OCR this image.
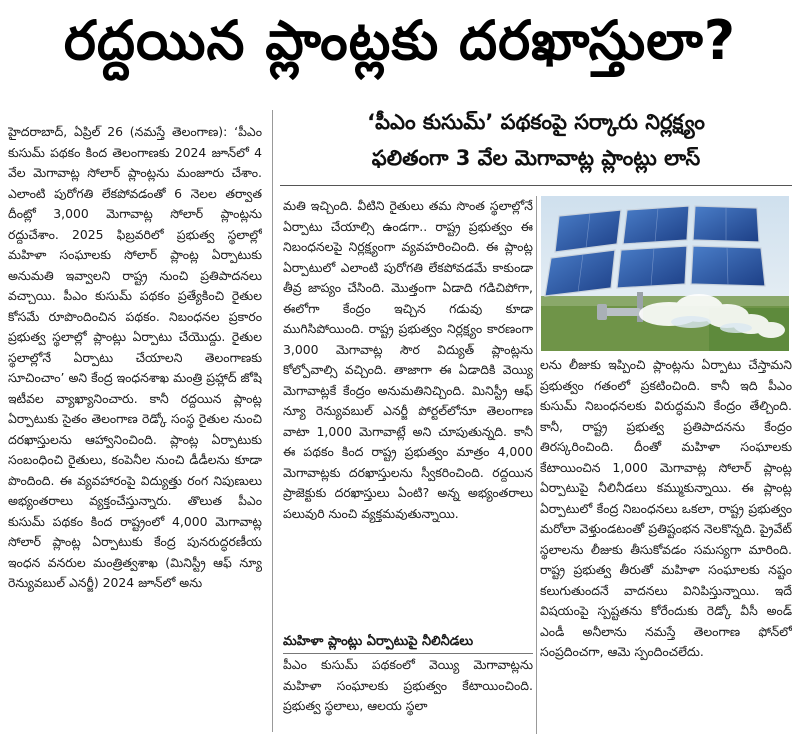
రద్దయిన ప్లాంట్లకు దరఖాస్తులా?
‘పీఎం కుసుమ్’ పథకంపై సర్కారు నిర్లక్ష్యం
ఫలితంగా 3 వేల మెగావాట్ల ప్లాంట్లు లాస్

హైదరాబాద్, ఏప్రిల్ 26 (నమస్తే తెలంగాణ): ‘పీఎం కుసుమ్ పథకం కింద తెలంగాణకు 2024 జూన్‌లో 4 వేల మెగావాట్ల సోలార్ ప్లాంట్లను మంజూరు చేశాం. ఎలాంటి పురోగతి లేకపోవడంతో 6 నెలల తర్వాత దీంట్లో 3,000 మెగావాట్ల సోలార్ ప్లాంట్లను రద్దుచేశాం. 2025 ఫిబ్రవరిలో ప్రభుత్వ స్థలాల్లో మహిళా సంఘాలకు సోలార్ ప్లాంట్ల ఏర్పాటుకు అనుమతి ఇవ్వాలని రాష్ట్ర నుంచి ప్రతిపాదనలు వచ్చాయి. పీఎం కుసుమ్ పథకం ప్రత్యేకించి రైతుల కోసమే రూపొందించిన పథకం. నిబంధనల ప్రకారం ప్రభుత్వ స్థలాల్లో ప్లాంట్లు ఏర్పాటు చేయొద్దు. రైతుల స్థలాల్లోనే ఏర్పాటు చేయాలని తెలంగాణకు సూచించాం’ అని కేంద్ర ఇంధనశాఖ మంత్రి ప్రహ్లాద్ జోషి ఇటీవల వ్యాఖ్యానించారు. కానీ రద్దయిన ప్లాంట్ల ఏర్పాటుకు సైతం తెలంగాణ రెడ్కో సంస్థ రైతుల నుంచి దరఖాస్తులను ఆహ్వానించింది. ప్లాంట్ల ఏర్పాటుకు సంబంధించి రైతులు, కంపెనీల నుంచి డీడీలను కూడా పొందింది. ఈ వ్యవహారంపై విద్యుత్తు రంగ నిపుణులు అభ్యంతరాలు వ్యక్తంచేస్తున్నారు. తొలుత పీఎం కుసుమ్ పథకం కింద రాష్ట్రంలో 4,000 మెగావాట్ల సోలార్ ప్లాంట్ల ఏర్పాటుకు కేంద్ర పునరుద్ధరణీయ ఇంధన వనరుల మంత్రిత్వశాఖ (మినిస్ట్రీ ఆఫ్ న్యూ రెన్యువబుల్ ఎనర్జీ) 2024 జూన్‌లో అను

మతి ఇచ్చింది. వీటిని రైతులు తమ సొంత స్థలాల్లోనే ఏర్పాటు చేయాల్సి ఉండగా.. రాష్ట్ర ప్రభుత్వం ఈ నిబంధనలపై నిర్లక్ష్యంగా వ్యవహరించింది. ఈ ప్లాంట్ల ఏర్పాటులో ఎలాంటి పురోగతి లేకపోవడమే కాకుండా తీవ్ర జాప్యం చేసింది. మొత్తంగా ఏడాది గడిచిపోగా, ఈలోగా కేంద్రం ఇచ్చిన గడువు కూడా ముగిసిపోయింది. రాష్ట్ర ప్రభుత్వం నిర్లక్ష్యం కారణంగా 3,000 మెగావాట్ల సౌర విద్యుత్ ప్లాంట్లను కోల్పోవాల్సి వచ్చింది. తాజాగా ఈ ఏడాదికి వెయ్యి మెగావాట్లకే కేంద్రం అనుమతినిచ్చింది. మినిస్ట్రీ ఆఫ్ న్యూ రెన్యువబుల్ ఎనర్జీ పోర్టల్‌లోనూ తెలంగాణ వాటా 1,000 మెగావాట్లే అని చూపుతున్నది. కానీ ఈ పథకం కింద రాష్ట్ర ప్రభుత్వం మాత్రం 4,000 మెగావాట్లకు దరఖాస్తులను స్వీకరించింది. రద్దయిన ప్రాజెక్టుకు దరఖాస్తులు ఏంటి? అన్న అభ్యంతరాలు పలువురి నుంచి వ్యక్తమవుతున్నాయి.

మహిళా ప్లాంట్లు ఏర్పాటుపై నీలినీడలు

పీఎం కుసుమ్ పథకంలో వెయ్యి మెగావాట్లను మహిళా సంఘాలకు ప్రభుత్వం కేటాయించింది. ప్రభుత్వ స్థలాలు, ఆలయ స్థలా

లను లీజుకు ఇప్పించి ప్లాంట్లను ఏర్పాటు చేస్తామని ప్రభుత్వం గతంలో ప్రకటించింది. కానీ ఇది పీఎం కుసుమ్ నిబంధనలకు విరుద్ధమని కేంద్రం తేల్చింది. కానీ, రాష్ట్ర ప్రభుత్వ ప్రతిపాదనను కేంద్రం తిరస్కరించింది. దీంతో మహిళా సంఘాలకు కేటాయించిన 1,000 మెగావాట్ల సోలార్ ప్లాంట్ల ఏర్పాటుపై నీలినీడలు కమ్ముకున్నాయి. ఈ ప్లాంట్ల ఏర్పాటులో కేంద్ర నిబంధనలు ఒకలా, రాష్ట్ర ప్రభుత్వం మరోలా వెళ్తుండటంతో ప్రతిష్టంభన నెలకొన్నది. ప్రైవేట్ స్థలాలను లీజుకు తీసుకోవడం సమస్యగా మారింది. రాష్ట్ర ప్రభుత్వ తీరుతో మహిళా సంఘాలకు నష్టం కలుగుతుందనే వాదనలు వినిపిస్తున్నాయి. ఇదే విషయంపై స్పష్టతను కోరేందుకు రెడ్కో వీసీ అండ్ ఎండీ అనీలాను నమస్తే తెలంగాణ ఫోన్‌లో సంప్రదించగా, ఆమె స్పందించలేదు.
